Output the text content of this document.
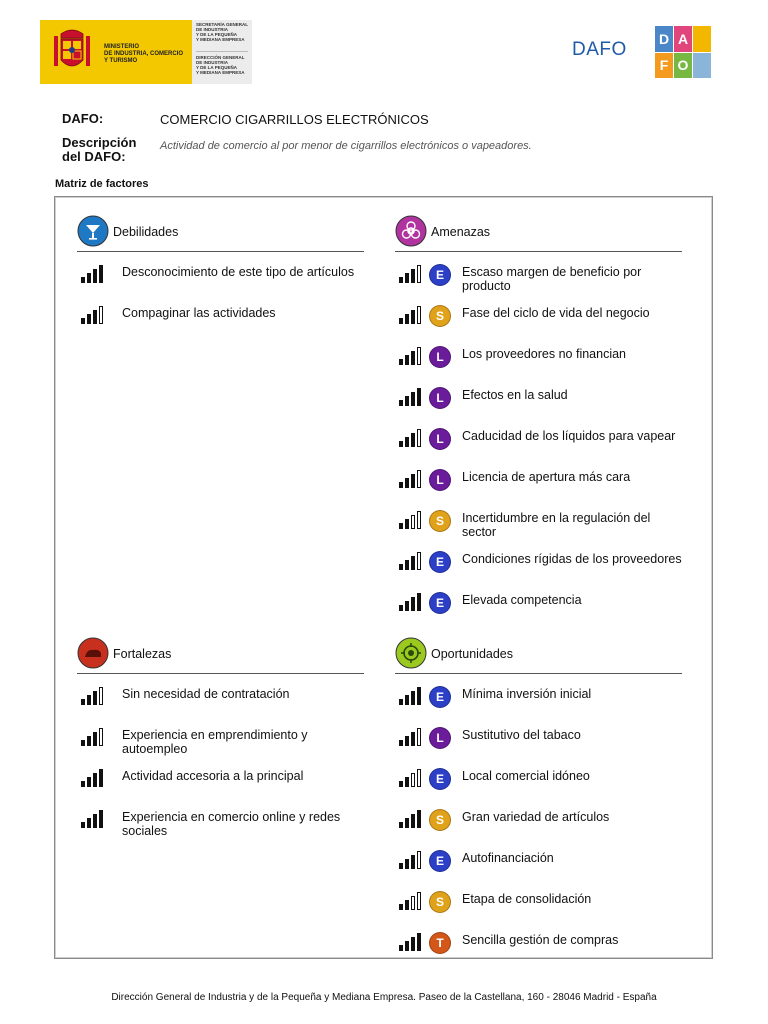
MINISTERIO
DE INDUSTRIA, COMERCIO
Y TURISMO
SECRETARÍA GENERAL
DE INDUSTRIA
Y DE LA PEQUEÑA
Y MEDIANA EMPRESA
DIRECCIÓN GENERAL
DE INDUSTRIA
Y DE LA PEQUEÑA
Y MEDIANA EMPRESA
DAFO
D A
F O
DAFO:	COMERCIO CIGARRILLOS ELECTRÓNICOS
Descripción
del DAFO:
Actividad de comercio al por menor de cigarrillos electrónicos o vapeadores.
Matriz de factores
Debilidades
Desconocimiento de este tipo de artículos
Compaginar las actividades
Amenazas
E	Escaso margen de beneficio por producto
S	Fase del ciclo de vida del negocio
L	Los proveedores no financian
L	Efectos en la salud
L	Caducidad de los líquidos para vapear
L	Licencia de apertura más cara
S	Incertidumbre en la regulación del sector
E	Condiciones rígidas de los proveedores
E	Elevada competencia
Fortalezas
Sin necesidad de contratación
Experiencia en emprendimiento y autoempleo
Actividad accesoria a la principal
Experiencia en comercio online y redes sociales
Oportunidades
E	Mínima inversión inicial
L	Sustitutivo del tabaco
E	Local comercial idóneo
S	Gran variedad de artículos
E	Autofinanciación
S	Etapa de consolidación
T	Sencilla gestión de compras
Dirección General de Industria y de la Pequeña y Mediana Empresa. Paseo de la Castellana, 160 - 28046 Madrid - España
